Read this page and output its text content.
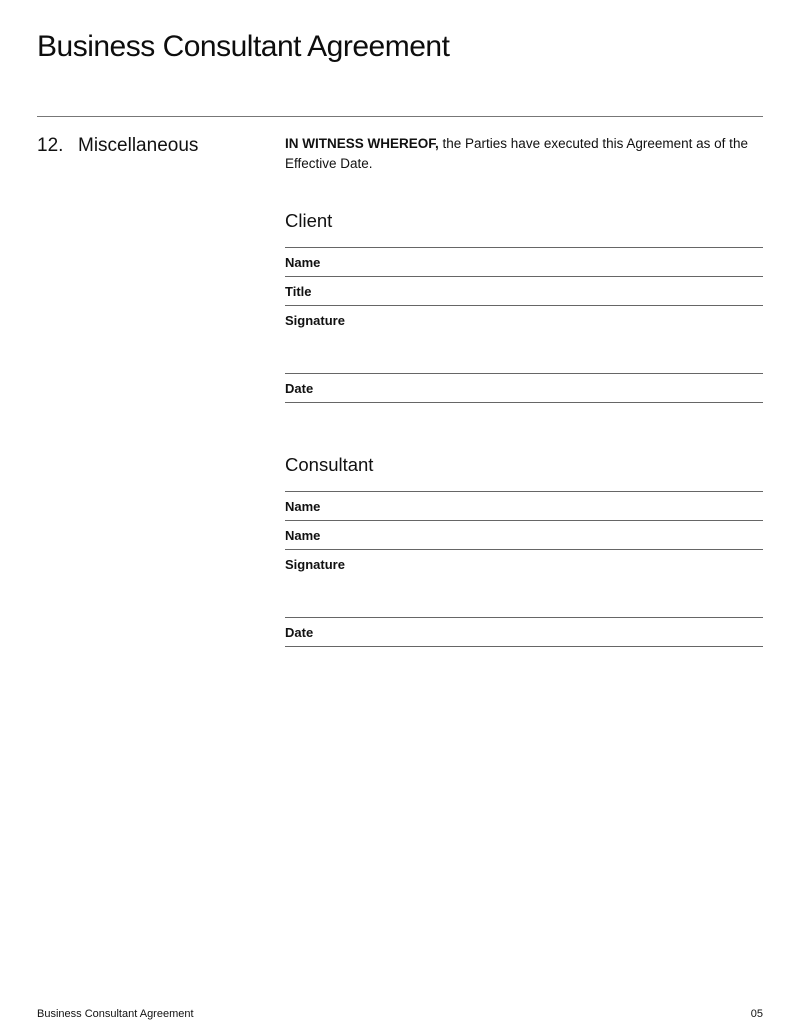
Business Consultant Agreement
12. Miscellaneous	IN WITNESS WHEREOF, the Parties have executed this Agreement as of the Effective Date.

Client
Name
Title
Signature
Date
Consultant
Name
Name
Signature
Date
Business Consultant Agreement	05
